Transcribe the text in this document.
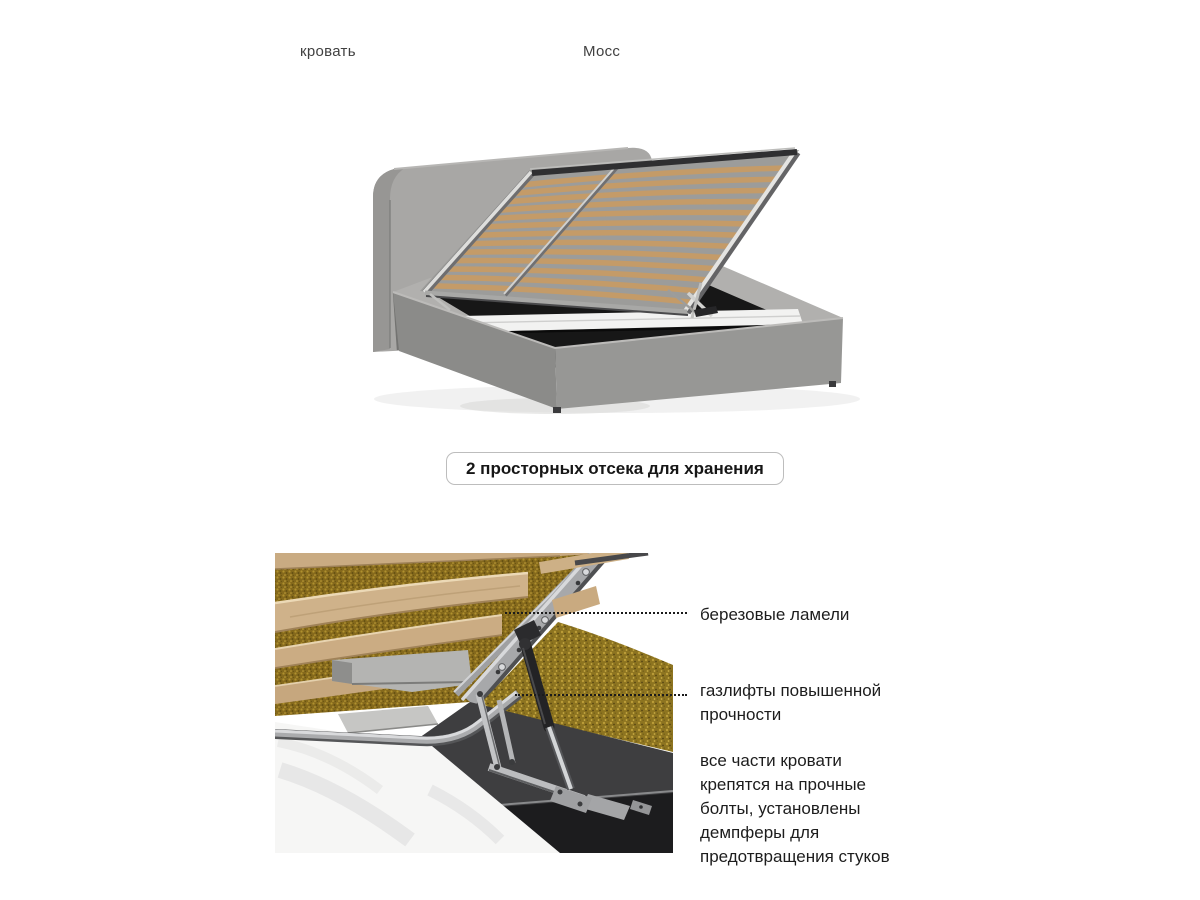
кровать	Мосс
2 просторных отсека для хранения
березовые ламели
газлифты повышенной
прочности
все части кровати
крепятся на прочные
болты, установлены
демпферы для
предотвращения стуков
